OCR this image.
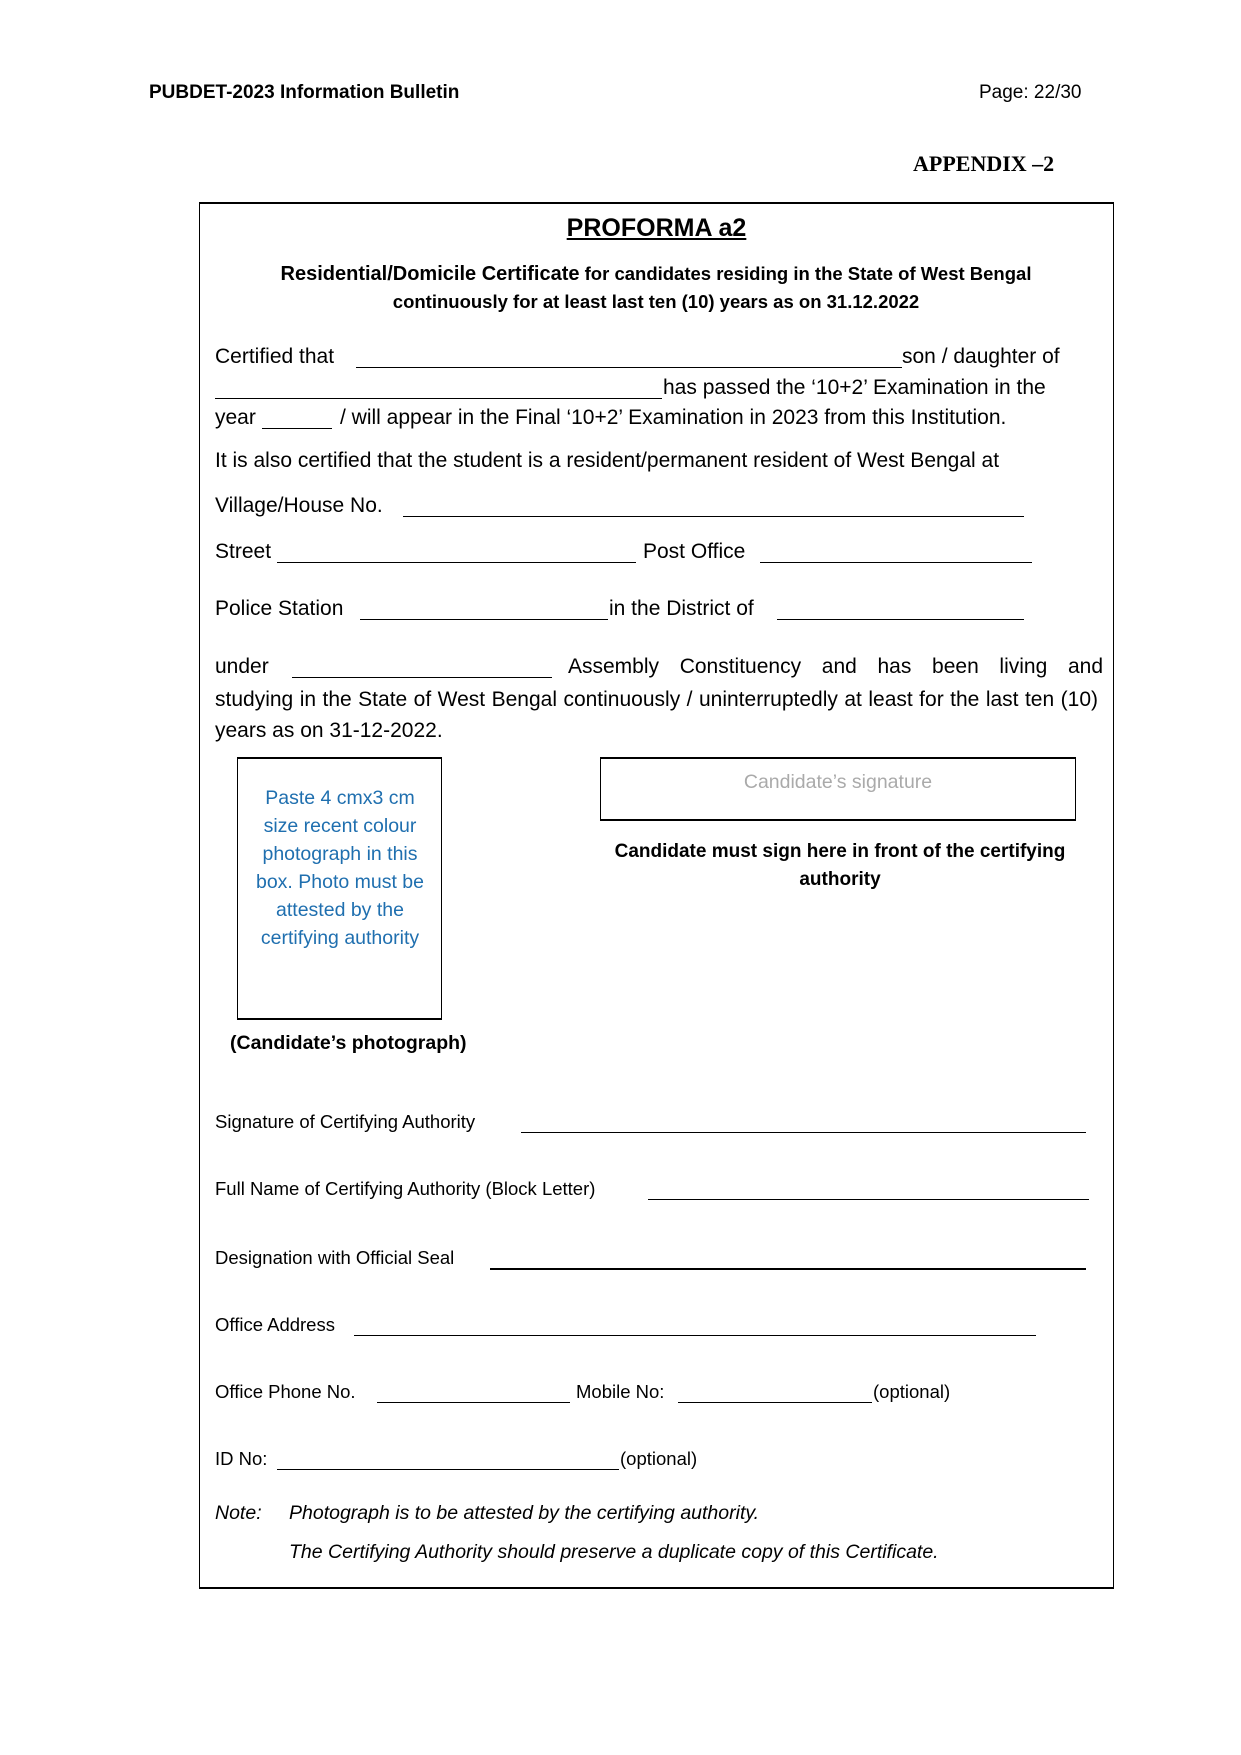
PUBDET-2023 Information Bulletin	Page: 22/30
APPENDIX –2
PROFORMA a2
Residential/Domicile Certificate for candidates residing in the State of West Bengal continuously for at least last ten (10) years as on 31.12.2022
Certified that	son / daughter of
has passed the ‘10+2’ Examination in the
year	/ will appear in the Final ‘10+2’ Examination in 2023 from this Institution.
It is also certified that the student is a resident/permanent resident of West Bengal at
Village/House No.
Street	Post Office
Police Station	in the District of
under	Assembly Constituency and has been living and
studying in the State of West Bengal continuously / uninterruptedly at least for the last ten (10) years as on 31-12-2022.
Paste 4 cmx3 cm size recent colour photograph in this box. Photo must be attested by the certifying authority
(Candidate’s photograph)
Candidate’s signature
Candidate must sign here in front of the certifying authority
Signature of Certifying Authority
Full Name of Certifying Authority (Block Letter)
Designation with Official Seal
Office Address
Office Phone No.	Mobile No:	(optional)
ID No:	(optional)
Note: Photograph is to be attested by the certifying authority.
The Certifying Authority should preserve a duplicate copy of this Certificate.
